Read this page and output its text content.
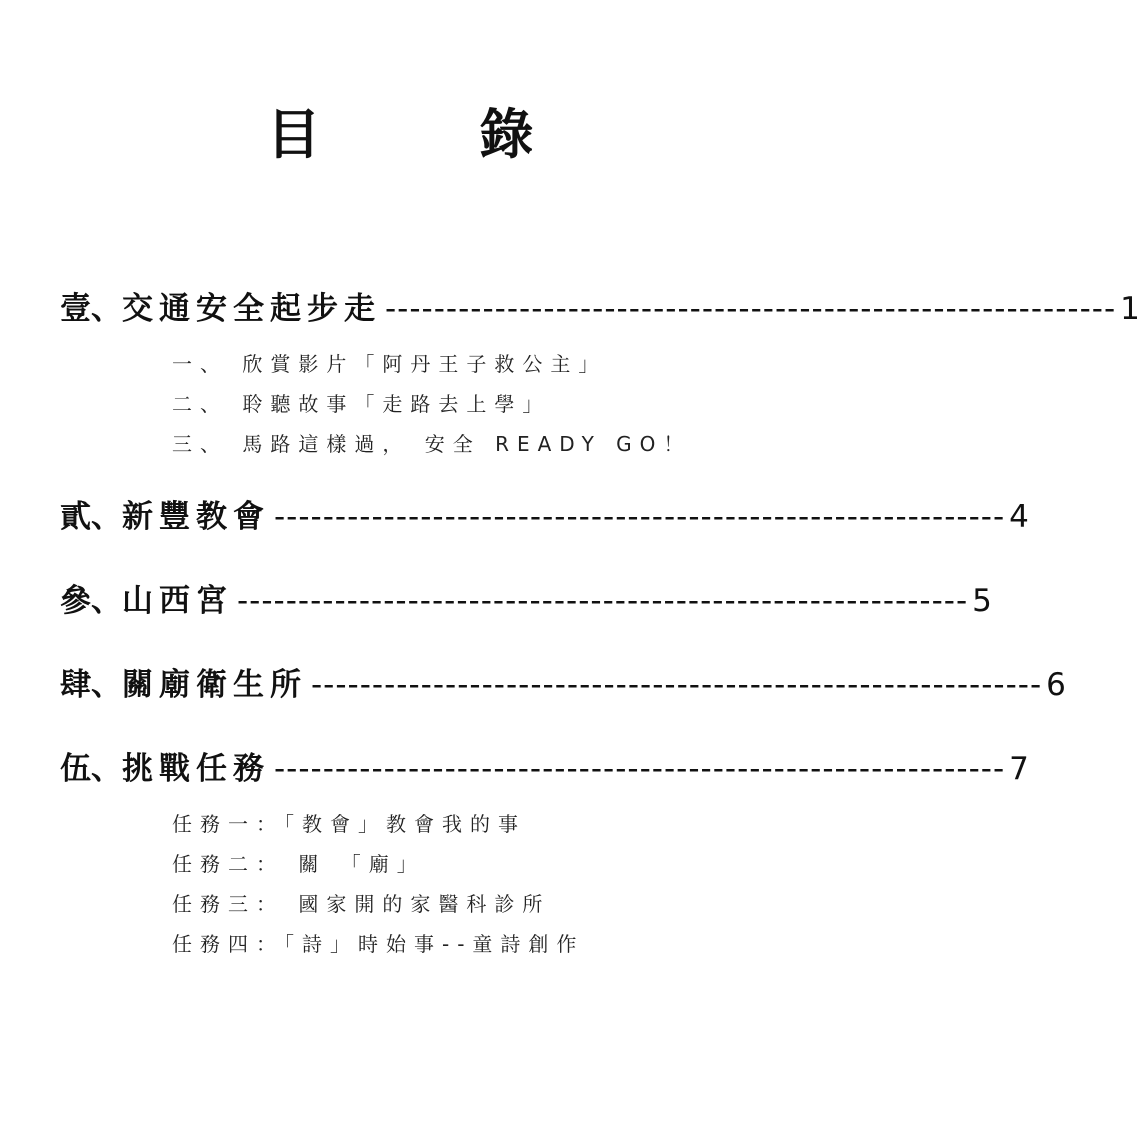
目 錄
壹 、 交通安全起步走 ------------------------------------------------------------ 1
一、 欣賞影片「阿丹王子救公主」
二、 聆聽故事「走路去上學」
三、 馬路這樣過， 安全 READY GO！
貳 、 新豐教會 ------------------------------------------------------------ 4
參 、 山西宮 ------------------------------------------------------------ 5
肆 、 關廟衛生所 ------------------------------------------------------------ 6
伍 、 挑戰任務 ------------------------------------------------------------ 7
任務一：「教會」教會我的事
任務二： 關 「廟」
任務三： 國家開的家醫科診所
任務四：「詩」時始事--童詩創作
